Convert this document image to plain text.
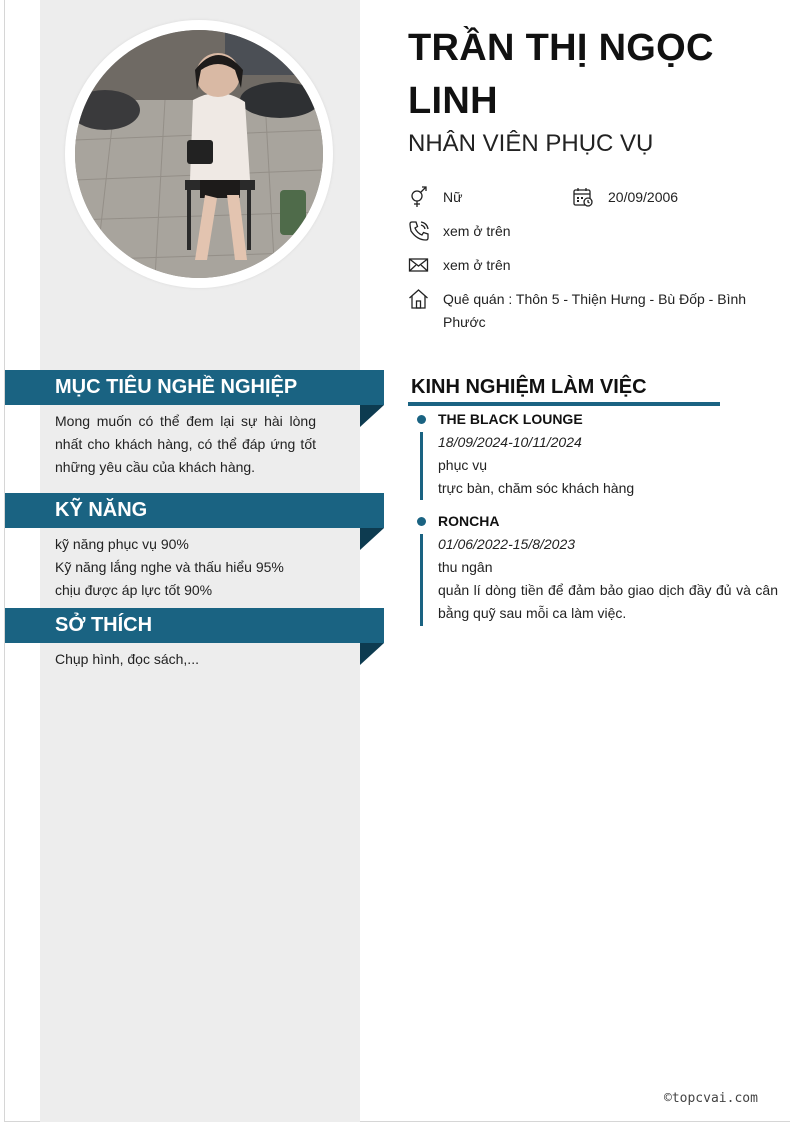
MỤC TIÊU NGHỀ NGHIỆP
Mong muốn có thể đem lại sự hài lòng nhất cho khách hàng, có thể đáp ứng tốt những yêu cầu của khách hàng.
KỸ NĂNG
kỹ năng phục vụ 90%
Kỹ năng lắng nghe và thấu hiểu 95%
chịu được áp lực tốt 90%
SỞ THÍCH
Chụp hình, đọc sách,...
TRẦN THỊ NGỌC LINH
NHÂN VIÊN PHỤC VỤ
Nữ	20/09/2006
xem ở trên
xem ở trên
Quê quán : Thôn 5 - Thiện Hưng - Bù Đốp - Bình Phước
KINH NGHIỆM LÀM VIỆC
THE BLACK LOUNGE
18/09/2024-10/11/2024
phục vụ
trực bàn, chăm sóc khách hàng
RONCHA
01/06/2022-15/8/2023
thu ngân
quản lí dòng tiền để đảm bảo giao dịch đầy đủ và cân bằng quỹ sau mỗi ca làm việc.
©topcvai.com
